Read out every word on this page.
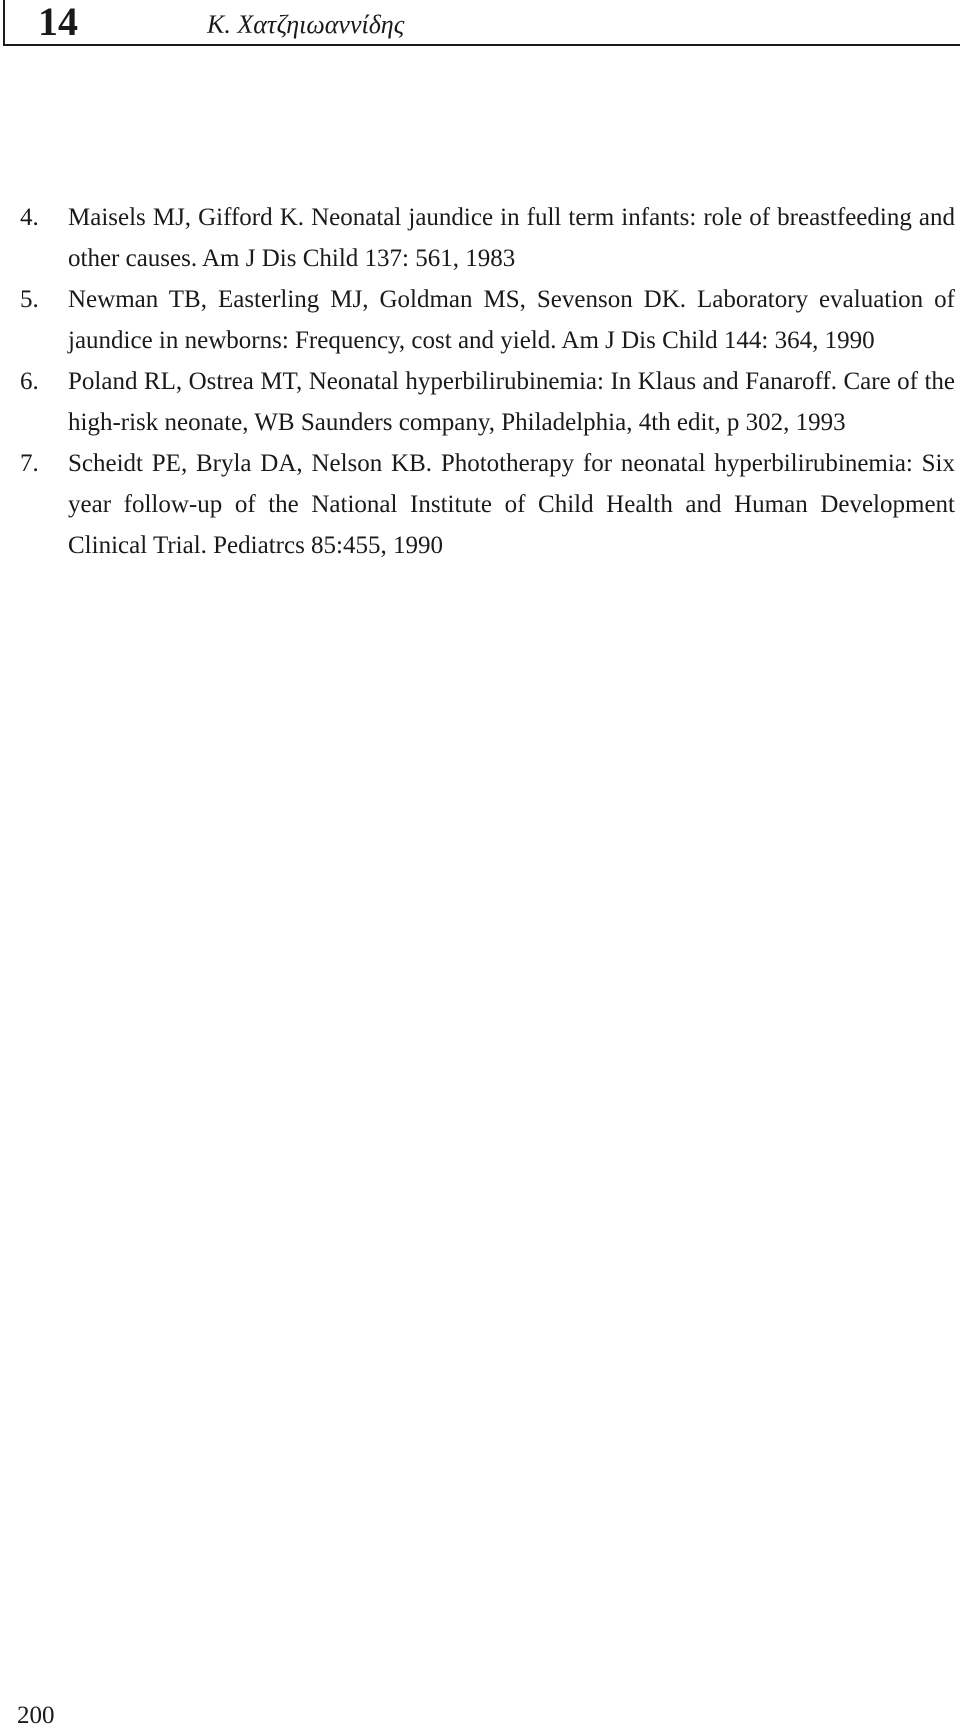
14	Κ. Χατζηιωαννίδης
4. Maisels MJ, Gifford K. Neonatal jaundice in full term infants: role of breastfeeding and other causes. Am J Dis Child 137: 561, 1983
5. Newman TB, Easterling MJ, Goldman MS, Sevenson DK. Laboratory evaluation of jaundice in newborns: Frequency, cost and yield. Am J Dis Child 144: 364, 1990
6. Poland RL, Ostrea MT, Neonatal hyperbilirubinemia: In Klaus and Fanaroff. Care of the high-risk neonate, WB Saunders company, Philadelphia, 4th edit, p 302, 1993
7. Scheidt PE, Bryla DA, Nelson KB. Phototherapy for neonatal hyperbilirubinemia: Six year follow-up of the National Institute of Child Health and Human Development Clinical Trial. Pediatrcs 85:455, 1990
200
